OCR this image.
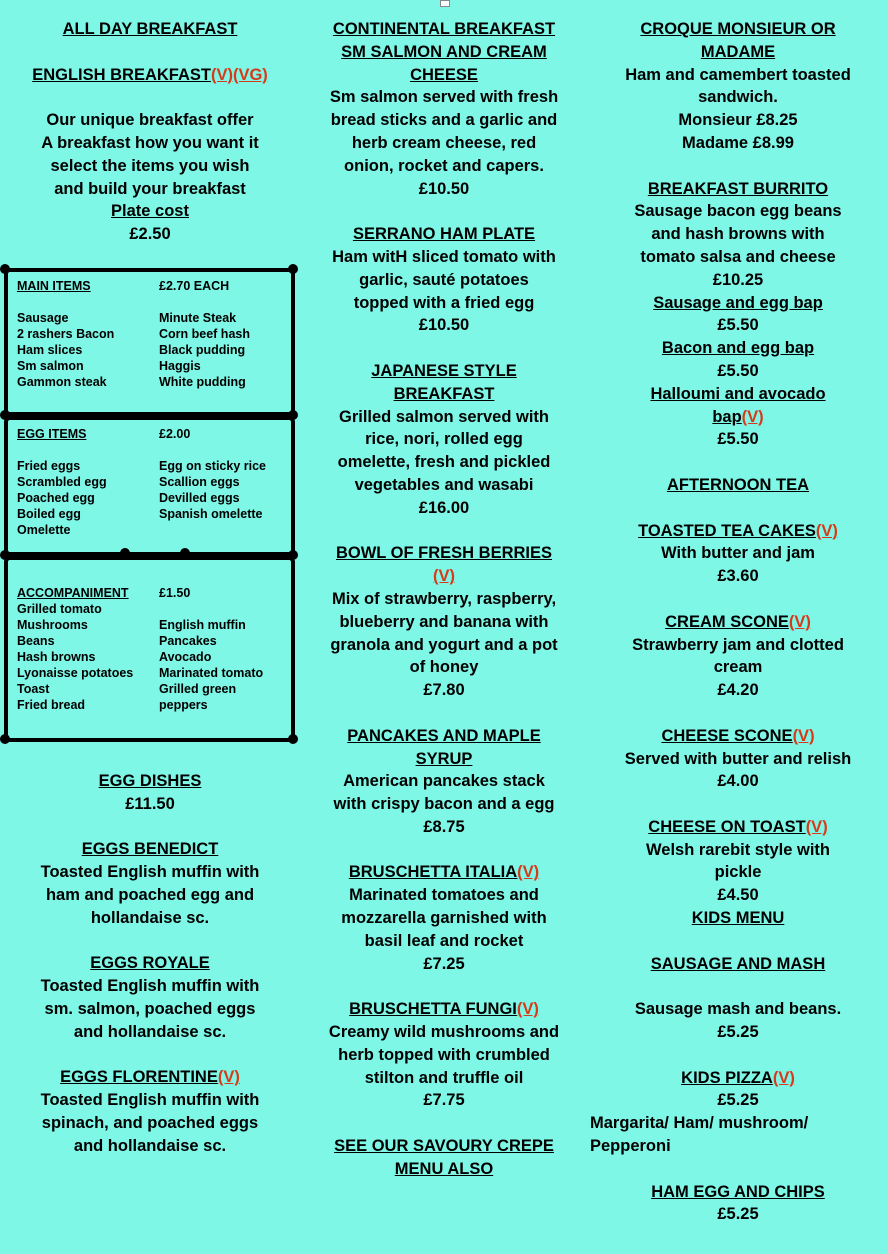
ALL DAY BREAKFAST
ENGLISH BREAKFAST(V)(VG)
Our unique breakfast offer
A breakfast how you want it
select the items you wish
and build your breakfast
Plate cost
£2.50
MAIN ITEMS	£2.70 EACH
Sausage	Minute Steak
2 rashers Bacon	Corn beef hash
Ham slices	Black pudding
Sm salmon	Haggis
Gammon steak	White pudding
EGG ITEMS	£2.00
Fried eggs	Egg on sticky rice
Scrambled egg	Scallion eggs
Poached egg	Devilled eggs
Boiled egg	Spanish omelette
Omelette
ACCOMPANIMENT	£1.50
Grilled tomato
Mushrooms	English muffin
Beans	Pancakes
Hash browns	Avocado
Lyonaisse potatoes	Marinated tomato
Toast	Grilled green
Fried bread	peppers
EGG DISHES
£11.50
EGGS BENEDICT
Toasted English muffin with
ham and poached egg and
hollandaise sc.
EGGS ROYALE
Toasted English muffin with
sm. salmon, poached eggs
and hollandaise sc.
EGGS FLORENTINE(V)
Toasted English muffin with
spinach, and poached eggs
and hollandaise sc.
CONTINENTAL BREAKFAST
SM SALMON AND CREAM
CHEESE
Sm salmon served with fresh
bread sticks and a garlic and
herb cream cheese, red
onion, rocket and capers.
£10.50
SERRANO HAM PLATE
Ham witH sliced tomato with
garlic, sauté potatoes
topped with a fried egg
£10.50
JAPANESE STYLE
BREAKFAST
Grilled salmon served with
rice, nori, rolled egg
omelette, fresh and pickled
vegetables and wasabi
£16.00
BOWL OF FRESH BERRIES
(V)
Mix of strawberry, raspberry,
blueberry and banana with
granola and yogurt and a pot
of honey
£7.80
PANCAKES AND MAPLE
SYRUP
American pancakes stack
with crispy bacon and a egg
£8.75
BRUSCHETTA ITALIA(V)
Marinated tomatoes and
mozzarella garnished with
basil leaf and rocket
£7.25
BRUSCHETTA FUNGI(V)
Creamy wild mushrooms and
herb topped with crumbled
stilton and truffle oil
£7.75
SEE OUR SAVOURY CREPE
MENU ALSO
CROQUE MONSIEUR OR
MADAME
Ham and camembert toasted
sandwich.
Monsieur £8.25
Madame £8.99
BREAKFAST BURRITO
Sausage bacon egg beans
and hash browns with
tomato salsa and cheese
£10.25
Sausage and egg bap
£5.50
Bacon and egg bap
£5.50
Halloumi and avocado
bap(V)
£5.50
AFTERNOON TEA
TOASTED TEA CAKES(V)
With butter and jam
£3.60
CREAM SCONE(V)
Strawberry jam and clotted
cream
£4.20
CHEESE SCONE(V)
Served with butter and relish
£4.00
CHEESE ON TOAST(V)
Welsh rarebit style with
pickle
£4.50
KIDS MENU
SAUSAGE AND MASH
Sausage mash and beans.
£5.25
KIDS PIZZA(V)
£5.25
Margarita/ Ham/ mushroom/
Pepperoni
HAM EGG AND CHIPS
£5.25
